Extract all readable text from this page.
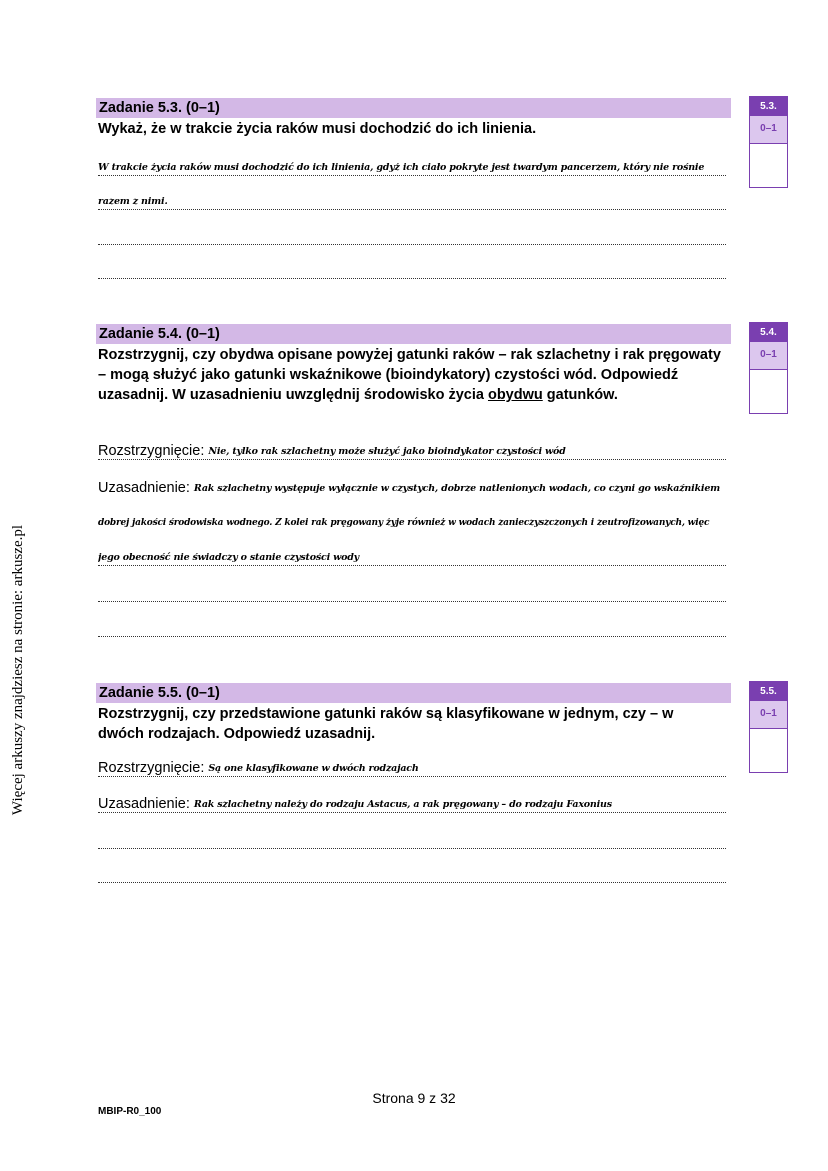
Więcej arkuszy znajdziesz na stronie: arkusze.pl
Zadanie 5.3. (0–1)	5.3.
0–1
Wykaż, że w trakcie życia raków musi dochodzić do ich linienia.
W trakcie życia raków musi dochodzić do ich linienia, gdyż ich ciało pokryte jest twardym pancerzem, który nie rośnie
razem z nimi.
Zadanie 5.4. (0–1)	5.4.
0–1
Rozstrzygnij, czy obydwa opisane powyżej gatunki raków – rak szlachetny i rak pręgowaty – mogą służyć jako gatunki wskaźnikowe (bioindykatory) czystości wód. Odpowiedź uzasadnij. W uzasadnieniu uwzględnij środowisko życia obydwu gatunków.
Rozstrzygnięcie: Nie, tylko rak szlachetny może służyć jako bioindykator czystości wód
Uzasadnienie: Rak szlachetny występuje wyłącznie w czystych, dobrze natlenionych wodach, co czyni go wskaźnikiem
dobrej jakości środowiska wodnego. Z kolei rak pręgowany żyje również w wodach zanieczyszczonych i zeutrofizowanych, więc
jego obecność nie świadczy o stanie czystości wody
Zadanie 5.5. (0–1)	5.5.
0–1
Rozstrzygnij, czy przedstawione gatunki raków są klasyfikowane w jednym, czy – w dwóch rodzajach. Odpowiedź uzasadnij.
Rozstrzygnięcie: Są one klasyfikowane w dwóch rodzajach
Uzasadnienie: Rak szlachetny należy do rodzaju Astacus, a rak pręgowany – do rodzaju Faxonius
Strona 9 z 32
MBIP-R0_100
